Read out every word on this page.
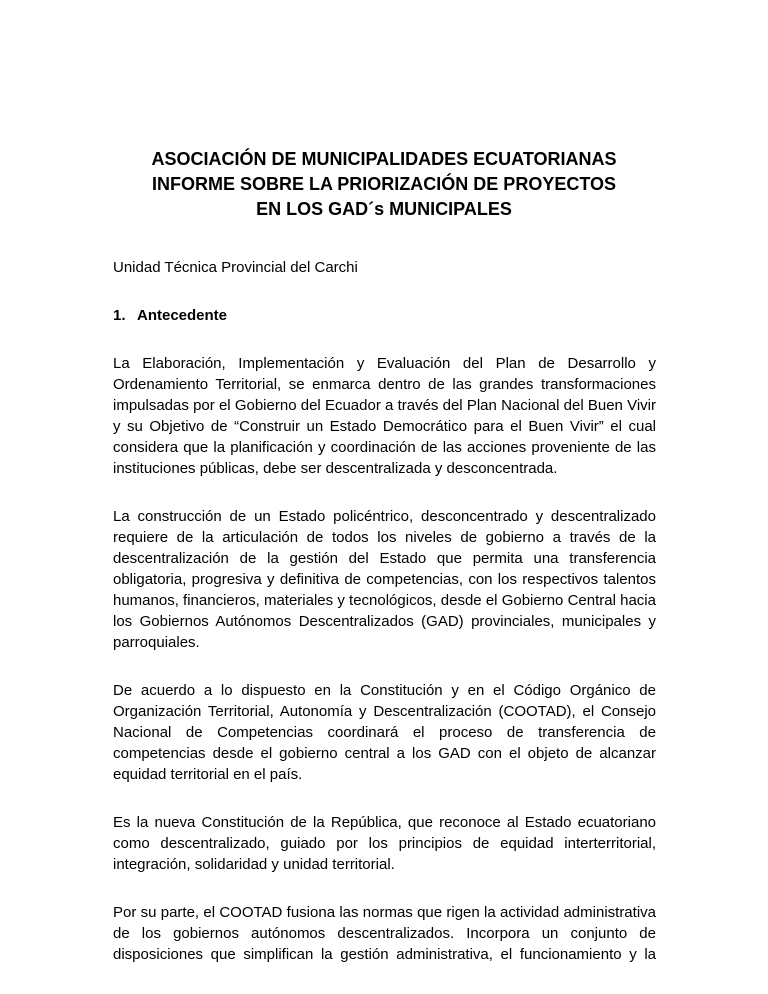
ASOCIACIÓN DE MUNICIPALIDADES ECUATORIANAS
INFORME SOBRE LA PRIORIZACIÓN DE PROYECTOS
EN LOS GAD´s MUNICIPALES

Unidad Técnica Provincial del Carchi

1. Antecedente

La Elaboración, Implementación y Evaluación del Plan de Desarrollo y Ordenamiento Territorial, se enmarca dentro de las grandes transformaciones impulsadas por el Gobierno del Ecuador a través del Plan Nacional del Buen Vivir y su Objetivo de “Construir un Estado Democrático para el Buen Vivir” el cual considera que la planificación y coordinación de las acciones proveniente de las instituciones públicas, debe ser descentralizada y desconcentrada.

La construcción de un Estado policéntrico, desconcentrado y descentralizado requiere de la articulación de todos los niveles de gobierno a través de la descentralización de la gestión del Estado que permita una transferencia obligatoria, progresiva y definitiva de competencias, con los respectivos talentos humanos, financieros, materiales y tecnológicos, desde el Gobierno Central hacia los Gobiernos Autónomos Descentralizados (GAD) provinciales, municipales y parroquiales.

De acuerdo a lo dispuesto en la Constitución y en el Código Orgánico de Organización Territorial, Autonomía y Descentralización (COOTAD), el Consejo Nacional de Competencias coordinará el proceso de transferencia de competencias desde el gobierno central a los GAD con el objeto de alcanzar equidad territorial en el país.

Es la nueva Constitución de la República, que reconoce al Estado ecuatoriano como descentralizado, guiado por los principios de equidad interterritorial, integración, solidaridad y unidad territorial.

Por su parte, el COOTAD fusiona las normas que rigen la actividad administrativa de los gobiernos autónomos descentralizados. Incorpora un conjunto de disposiciones que simplifican la gestión administrativa, el funcionamiento y la
